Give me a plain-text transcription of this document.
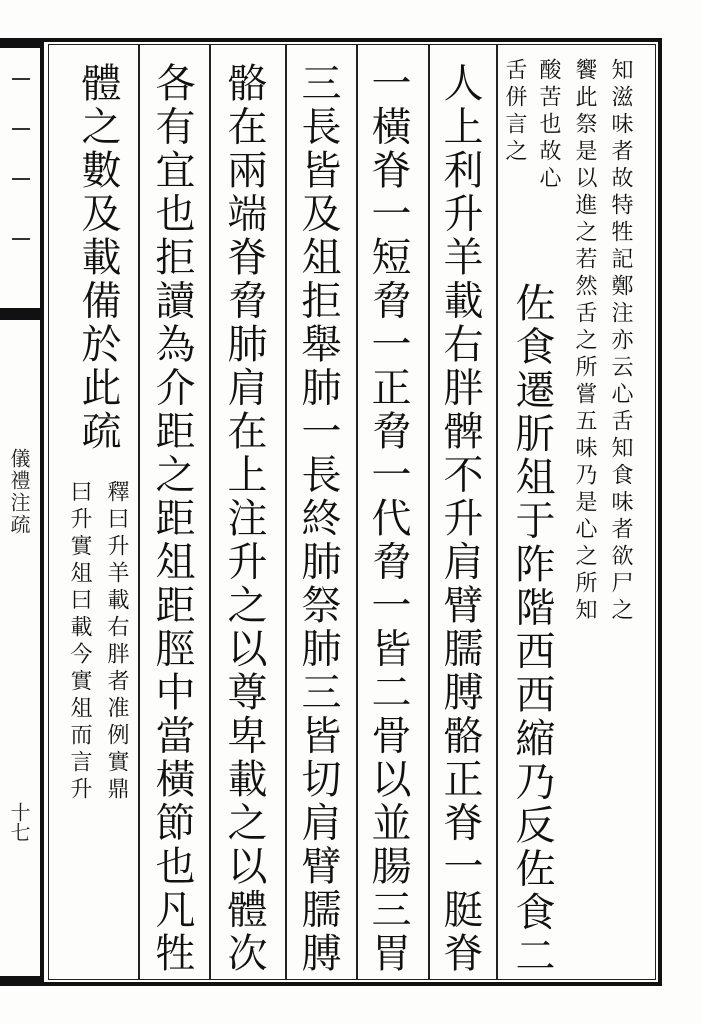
儀禮注疏
十七
知滋味者故特牲記鄭注亦云心舌知食味者欲尸之
饗此祭是以進之若然舌之所嘗五味乃是心之所知
酸苦也故心
舌併言之
佐食遷肵俎于阼階西西縮乃反佐食二
人上利升羊載右胖髀不升肩臂臑膊骼正脊一脡脊
一橫脊一短脅一正脅一代脅一皆二骨以並腸三胃
三長皆及俎拒舉肺一長終肺祭肺三皆切肩臂臑膊
骼在兩端脊脅肺肩在上注升之以尊卑載之以體次
各有宜也拒讀為介距之距俎距脛中當橫節也凡牲
體之數及載備於此疏
釋曰升羊載右胖者准例實鼎
曰升實俎曰載今實俎而言升
